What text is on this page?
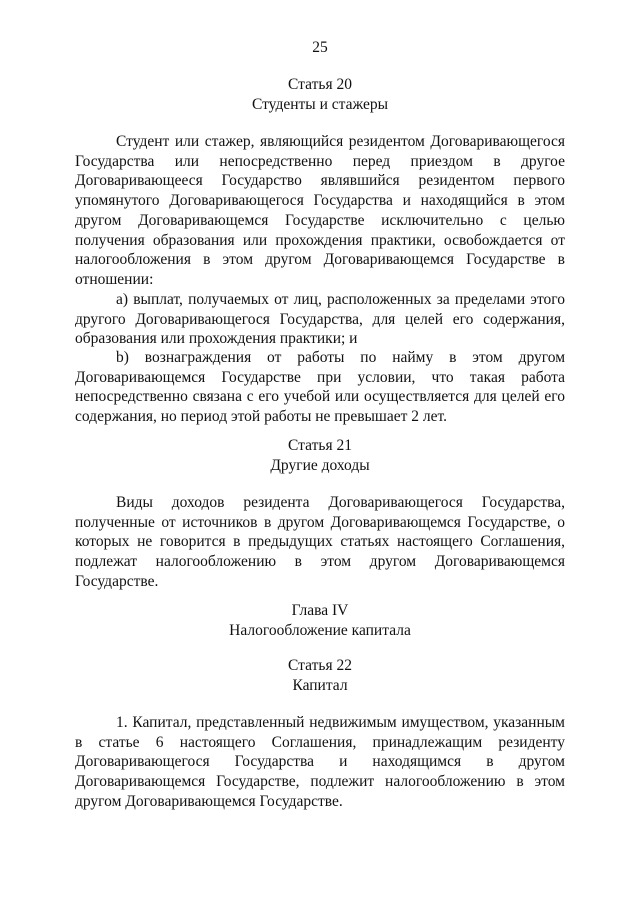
25
Статья 20
Студенты и стажеры

Студент или стажер, являющийся резидентом Договаривающегося Государства или непосредственно перед приездом в другое Договаривающееся Государство являвшийся резидентом первого упомянутого Договаривающегося Государства и находящийся в этом другом Договаривающемся Государстве исключительно с целью получения образования или прохождения практики, освобождается от налогообложения в этом другом Договаривающемся Государстве в отношении:

a) выплат, получаемых от лиц, расположенных за пределами этого другого Договаривающегося Государства, для целей его содержания, образования или прохождения практики; и

b) вознаграждения от работы по найму в этом другом Договаривающемся Государстве при условии, что такая работа непосредственно связана с его учебой или осуществляется для целей его содержания, но период этой работы не превышает 2 лет.

Статья 21
Другие доходы

Виды доходов резидента Договаривающегося Государства, полученные от источников в другом Договаривающемся Государстве, о которых не говорится в предыдущих статьях настоящего Соглашения, подлежат налогообложению в этом другом Договаривающемся Государстве.

Глава IV
Налогообложение капитала
Статья 22
Капитал

1. Капитал, представленный недвижимым имуществом, указанным в статье 6 настоящего Соглашения, принадлежащим резиденту Договаривающегося Государства и находящимся в другом Договаривающемся Государстве, подлежит налогообложению в этом другом Договаривающемся Государстве.
